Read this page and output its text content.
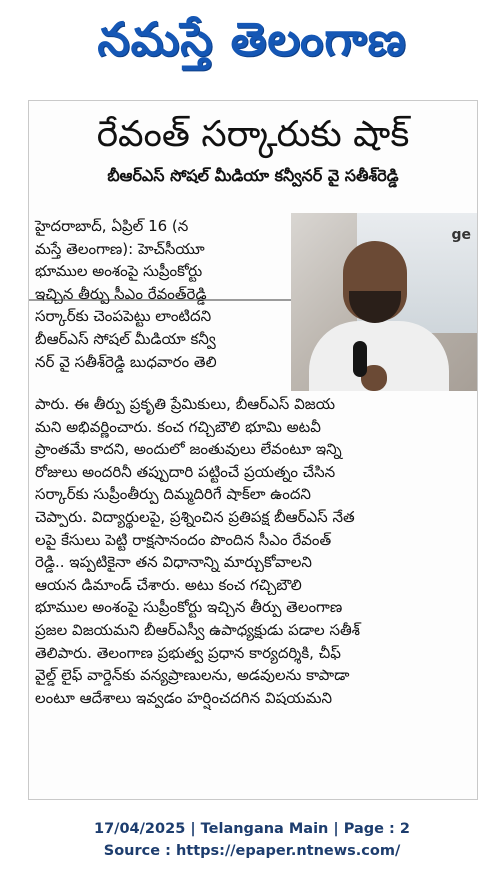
నమస్తే తెలంగాణ
రేవంత్ సర్కారుకు షాక్
బీఆర్ఎస్ సోషల్ మీడియా కన్వీనర్ వై సతీశ్‌రెడ్డి
ge
హైదరాబాద్, ఏప్రిల్ 16 (న
మస్తే తెలంగాణ): హెచ్‌సీయూ
భూముల అంశంపై సుప్రీంకోర్టు
ఇచ్చిన తీర్పు సీఎం రేవంత్‌రెడ్డి
సర్కార్‌కు చెంపపెట్టు లాంటిదని
బీఆర్ఎస్ సోషల్ మీడియా కన్వీ
నర్ వై సతీశ్‌రెడ్డి బుధవారం తెలి
పారు. ఈ తీర్పు ప్రకృతి ప్రేమికులు, బీఆర్ఎస్ విజయ
మని అభివర్ణించారు. కంచ గచ్చిబౌలి భూమి అటవీ
ప్రాంతమే కాదని, అందులో జంతువులు లేవంటూ ఇన్ని
రోజులు అందరినీ తప్పుదారి పట్టించే ప్రయత్నం చేసిన
సర్కార్‌కు సుప్రీంతీర్పు దిమ్మదిరిగే షాక్‌లా ఉందని
చెప్పారు. విద్యార్థులపై, ప్రశ్నించిన ప్రతిపక్ష బీఆర్ఎస్ నేత
లపై కేసులు పెట్టి రాక్షసానందం పొందిన సీఎం రేవంత్
రెడ్డి.. ఇప్పటికైనా తన విధానాన్ని మార్చుకోవాలని
ఆయన డిమాండ్ చేశారు. అటు కంచ గచ్చిబౌలి
భూముల అంశంపై సుప్రీంకోర్టు ఇచ్చిన తీర్పు తెలంగాణ
ప్రజల విజయమని బీఆర్ఎస్వీ ఉపాధ్యక్షుడు పడాల సతీశ్
తెలిపారు. తెలంగాణ ప్రభుత్వ ప్రధాన కార్యదర్శికి, చీఫ్
వైల్డ్ లైఫ్ వార్డెన్‌కు వన్యప్రాణులను, అడవులను కాపాడా
లంటూ ఆదేశాలు ఇవ్వడం హర్షించదగిన విషయమని
17/04/2025 | Telangana Main | Page : 2
Source : https://epaper.ntnews.com/
